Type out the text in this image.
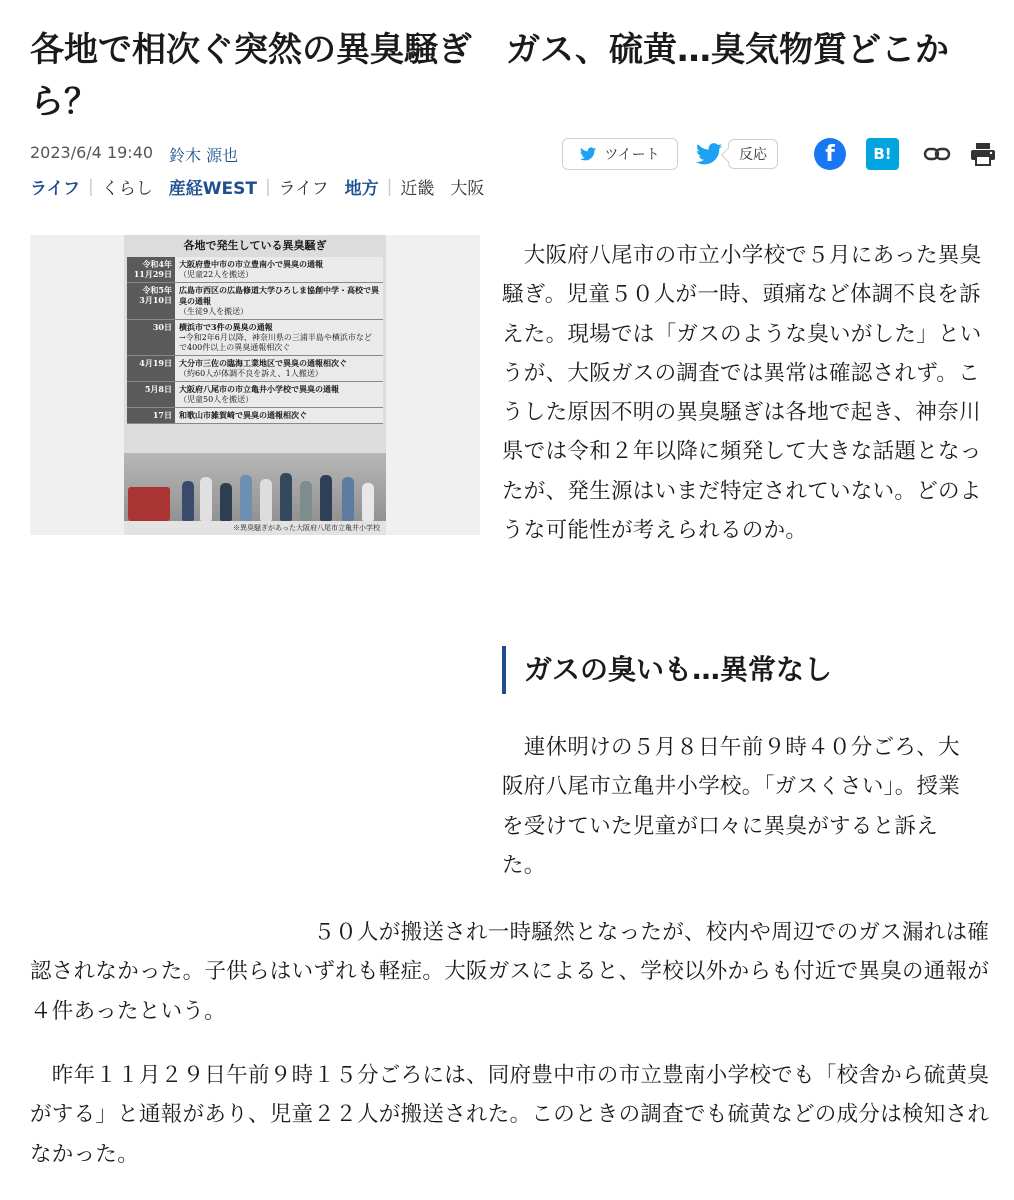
各地で相次ぐ突然の異臭騒ぎ　ガス、硫黄…臭気物質どこから？
2023/6/4 19:40 鈴木 源也	ツイート	反応	f	B!
ライフ | くらし 産経WEST | ライフ 地方 | 近畿 大阪
各地で発生している異臭騒ぎ
令和4年
11月29日	大阪府豊中市の市立豊南小で異臭の通報
（児童22人を搬送）
令和5年
3月10日	広島市西区の広島修道大学ひろしま協創中学・高校で異臭の通報
（生徒9人を搬送）
30日	横浜市で3件の異臭の通報
→令和2年6月以降、神奈川県の三浦半島や横浜市などで400件以上の異臭通報相次ぐ
4月19日	大分市三佐の臨海工業地区で異臭の通報相次ぐ
（約60人が体調不良を訴え、1人搬送）
5月8日	大阪府八尾市の市立亀井小学校で異臭の通報
（児童50人を搬送）
17日	和歌山市雑賀崎で異臭の通報相次ぐ
※異臭騒ぎがあった大阪府八尾市立亀井小学校

　大阪府八尾市の市立小学校で５月にあった異臭騒ぎ。児童５０人が一時、頭痛など体調不良を訴えた。現場では「ガスのような臭いがした」というが、大阪ガスの調査では異常は確認されず。こうした原因不明の異臭騒ぎは各地で起き、神奈川県では令和２年以降に頻発して大きな話題となったが、発生源はいまだ特定されていない。どのような可能性が考えられるのか。

ガスの臭いも…異常なし

　連休明けの５月８日午前９時４０分ごろ、大阪府八尾市立亀井小学校。「ガスくさい」。授業を受けていた児童が口々に異臭がすると訴えた。

　　　　　　　　　　　　　５０人が搬送され一時騒然となったが、校内や周辺でのガス漏れは確認されなかった。子供らはいずれも軽症。大阪ガスによると、学校以外からも付近で異臭の通報が４件あったという。

　昨年１１月２９日午前９時１５分ごろには、同府豊中市の市立豊南小学校でも「校舎から硫黄臭がする」と通報があり、児童２２人が搬送された。このときの調査でも硫黄などの成分は検知されなかった。
